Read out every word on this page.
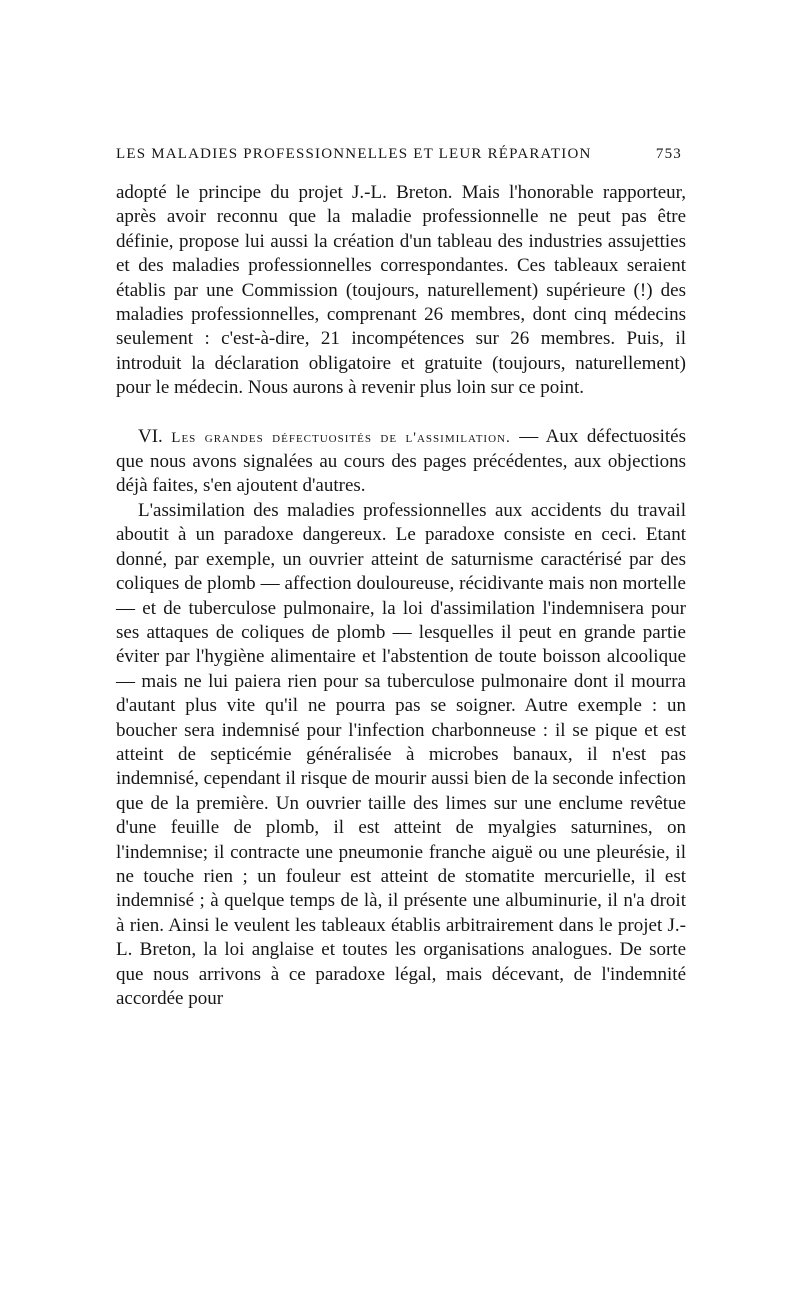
LES MALADIES PROFESSIONNELLES ET LEUR RÉPARATION	753

adopté le principe du projet J.-L. Breton. Mais l'honorable rapporteur, après avoir reconnu que la maladie professionnelle ne peut pas être définie, propose lui aussi la création d'un tableau des industries assujetties et des maladies professionnelles correspondantes. Ces tableaux seraient établis par une Commission (toujours, naturellement) supérieure (!) des maladies professionnelles, comprenant 26 membres, dont cinq médecins seulement : c'est-à-dire, 21 incompétences sur 26 membres. Puis, il introduit la déclaration obligatoire et gratuite (toujours, naturellement) pour le médecin. Nous aurons à revenir plus loin sur ce point.

VI. Les grandes défectuosités de l'assimilation. — Aux défectuosités que nous avons signalées au cours des pages précédentes, aux objections déjà faites, s'en ajoutent d'autres.

L'assimilation des maladies professionnelles aux accidents du travail aboutit à un paradoxe dangereux. Le paradoxe consiste en ceci. Etant donné, par exemple, un ouvrier atteint de saturnisme caractérisé par des coliques de plomb — affection douloureuse, récidivante mais non mortelle — et de tuberculose pulmonaire, la loi d'assimilation l'indemnisera pour ses attaques de coliques de plomb — lesquelles il peut en grande partie éviter par l'hygiène alimentaire et l'abstention de toute boisson alcoolique — mais ne lui paiera rien pour sa tuberculose pulmonaire dont il mourra d'autant plus vite qu'il ne pourra pas se soigner. Autre exemple : un boucher sera indemnisé pour l'infection charbonneuse : il se pique et est atteint de septicémie généralisée à microbes banaux, il n'est pas indemnisé, cependant il risque de mourir aussi bien de la seconde infection que de la première. Un ouvrier taille des limes sur une enclume revêtue d'une feuille de plomb, il est atteint de myalgies saturnines, on l'indemnise; il contracte une pneumonie franche aiguë ou une pleurésie, il ne touche rien ; un fouleur est atteint de stomatite mercurielle, il est indemnisé ; à quelque temps de là, il présente une albuminurie, il n'a droit à rien. Ainsi le veulent les tableaux établis arbitrairement dans le projet J.-L. Breton, la loi anglaise et toutes les organisations analogues. De sorte que nous arrivons à ce paradoxe légal, mais décevant, de l'indemnité accordée pour
